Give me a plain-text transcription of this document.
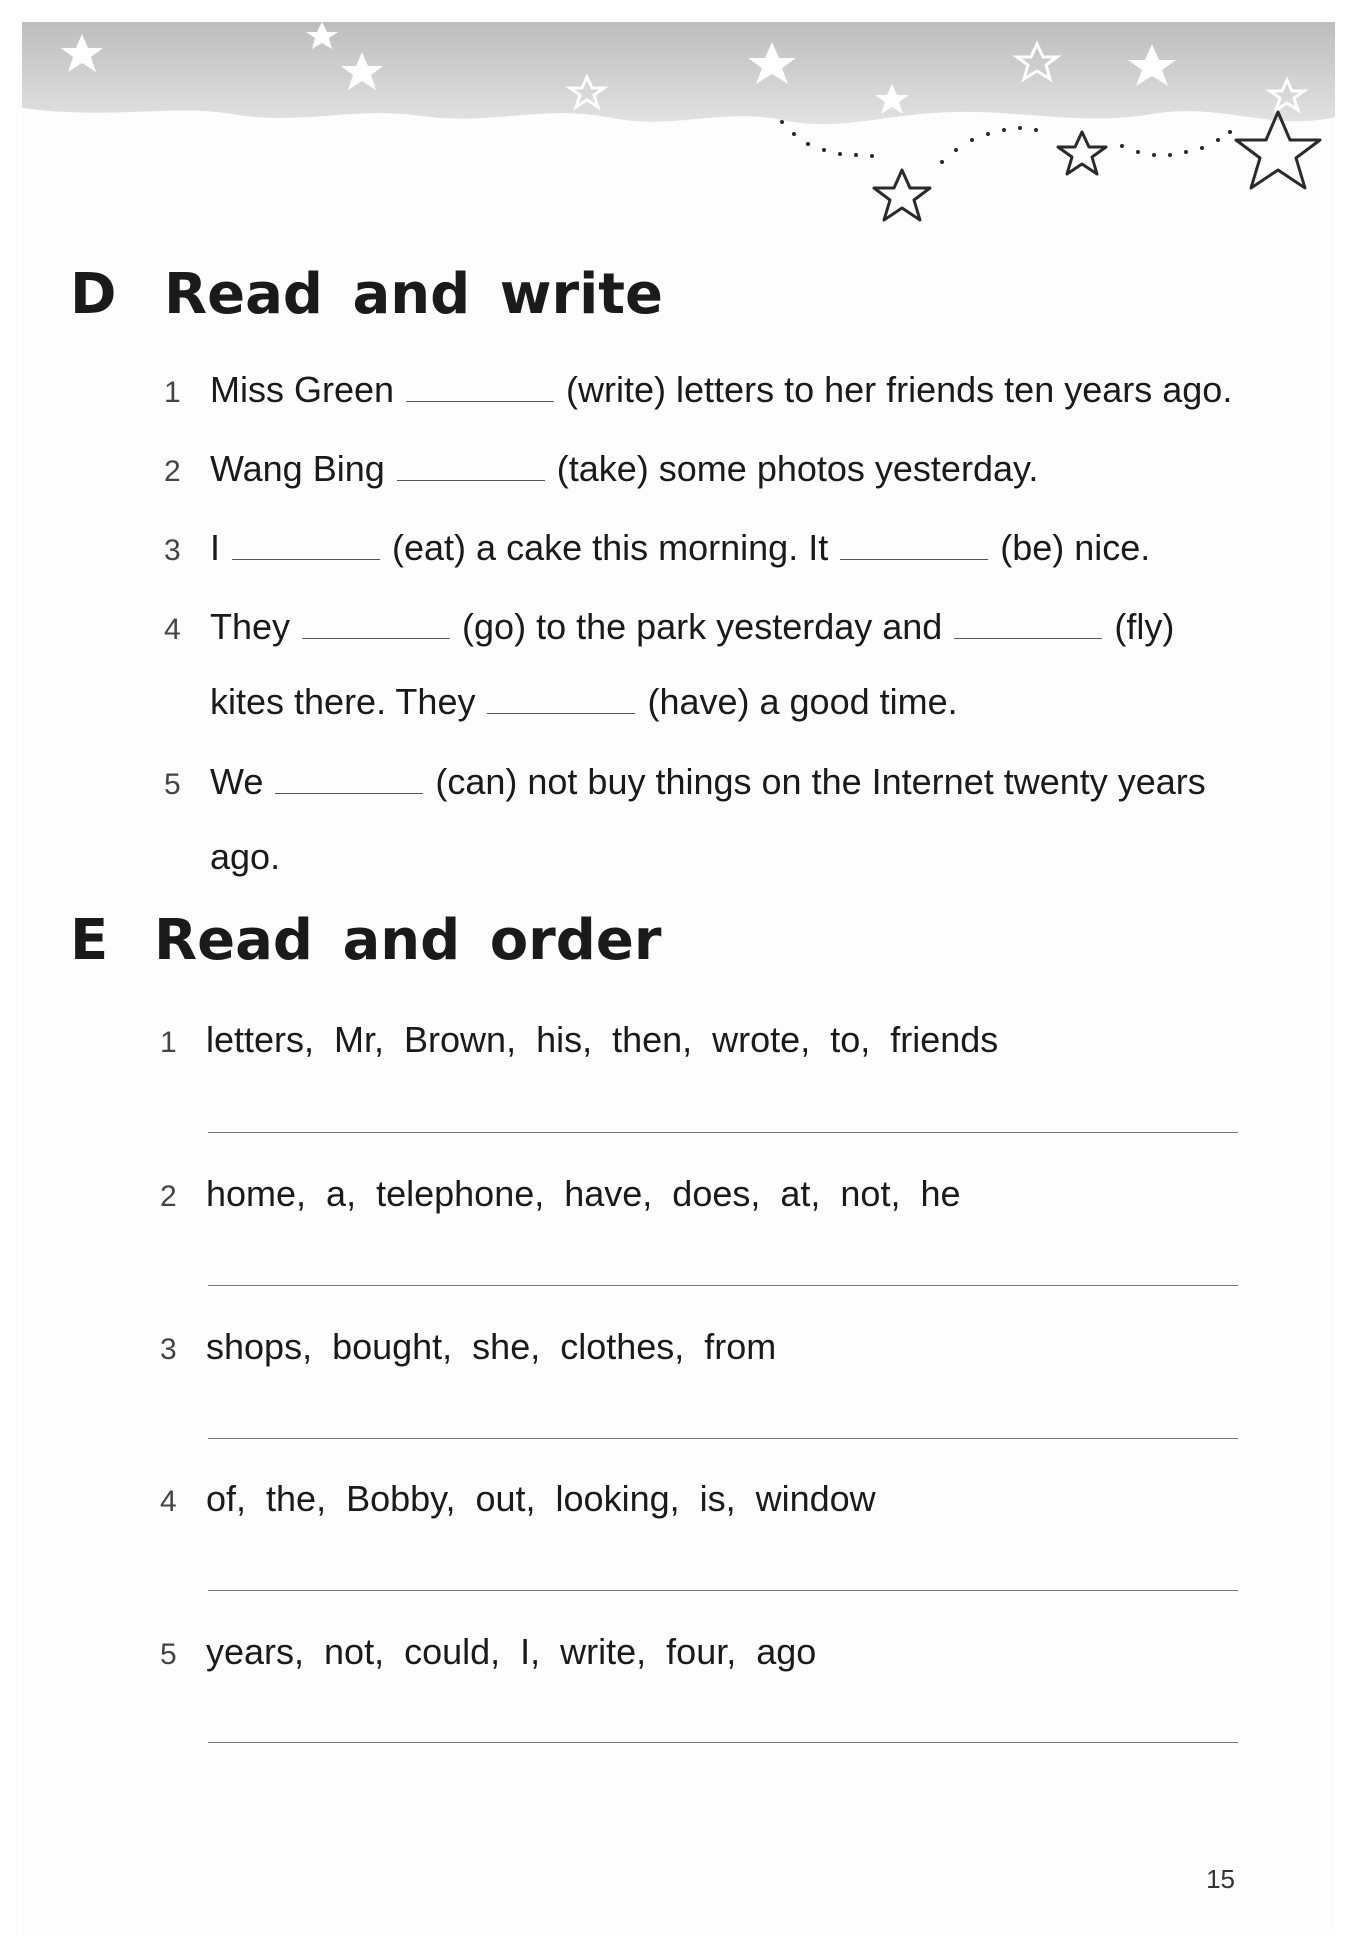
D Read and write
1 Miss Green	(write) letters to her friends ten years ago.
2 Wang Bing	(take) some photos yesterday.
3 I	(eat) a cake this morning. It	(be) nice.
4 They	(go) to the park yesterday and	(fly)
kites there. They	(have) a good time.
5 We	(can) not buy things on the Internet twenty years
ago.
E Read and order
1 letters, Mr, Brown, his, then, wrote, to, friends
2 home, a, telephone, have, does, at, not, he
3 shops, bought, she, clothes, from
4 of, the, Bobby, out, looking, is, window
5 years, not, could, I, write, four, ago
15
